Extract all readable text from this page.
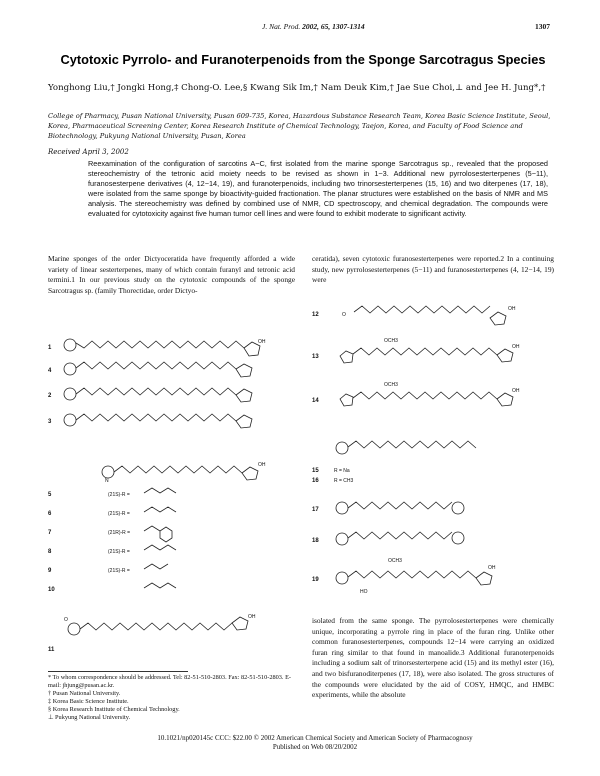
J. Nat. Prod. 2002, 65, 1307-1314	1307
Cytotoxic Pyrrolo- and Furanoterpenoids from the Sponge Sarcotragus Species
Yonghong Liu,† Jongki Hong,‡ Chong-O. Lee,§ Kwang Sik Im,† Nam Deuk Kim,† Jae Sue Choi,⊥ and Jee H. Jung*,†
College of Pharmacy, Pusan National University, Pusan 609-735, Korea, Hazardous Substance Research Team, Korea Basic Science Institute, Seoul, Korea, Pharmaceutical Screening Center, Korea Research Institute of Chemical Technology, Taejon, Korea, and Faculty of Food Science and Biotechnology, Pukyung National University, Pusan, Korea
Received April 3, 2002
Reexamination of the configuration of sarcotins A−C, first isolated from the marine sponge Sarcotragus sp., revealed that the proposed stereochemistry of the tetronic acid moiety needs to be revised as shown in 1−3. Additional new pyrrolosesterterpenes (5−11), furanosesterpene derivatives (4, 12−14, 19), and furanoterpenoids, including two trinorsesterterpenes (15, 16) and two diterpenes (17, 18), were isolated from the same sponge by bioactivity-guided fractionation. The planar structures were established on the basis of NMR and MS analysis. The stereochemistry was defined by combined use of NMR, CD spectroscopy, and chemical degradation. The compounds were evaluated for cytotoxicity against five human tumor cell lines and were found to exhibit moderate to significant activity.
Marine sponges of the order Dictyoceratida have frequently afforded a wide variety of linear sesterterpenes, many of which contain furanyl and tetronic acid termini.1 In our previous study on the cytotoxic compounds of the sponge Sarcotragus sp. (family Thorectidae, order Dictyo-
ceratida), seven cytotoxic furanosesterterpenes were reported.2 In a continuing study, new pyrrolosesterterpenes (5−11) and furanosesterterpenes (4, 12−14, 19) were
1
4
2
3
5
6
7
8
9
10
11
(21S)-R =
(21S)-R =
(21R)-R =
(21S)-R =
(21S)-R =
OH
OH
OH
O
N
12
13
14
15
16
17
18
19
R = Na
R = CH3
OCH3
OCH3
OCH3
OH
OH
OH
OH
HO
O
isolated from the same sponge. The pyrrolosesterterpenes were chemically unique, incorporating a pyrrole ring in place of the furan ring. Unlike other common furanosesterterpenes, compounds 12−14 were carrying an oxidized furan ring similar to that found in manoalide.3 Additional furanoterpenoids including a sodium salt of trinorsesterterpene acid (15) and its methyl ester (16), and two bisfuranoditerpenes (17, 18), were also isolated. The gross structures of the compounds were elucidated by the aid of COSY, HMQC, and HMBC experiments, while the absolute
* To whom correspondence should be addressed. Tel: 82-51-510-2803. Fax: 82-51-510-2803. E-mail: jhjung@pusan.ac.kr.
† Pusan National University.
‡ Korea Basic Science Institute.
§ Korea Research Institute of Chemical Technology.
⊥ Pukyung National University.
10.1021/np020145c CCC: $22.00 © 2002 American Chemical Society and American Society of Pharmacognosy
Published on Web 08/20/2002
